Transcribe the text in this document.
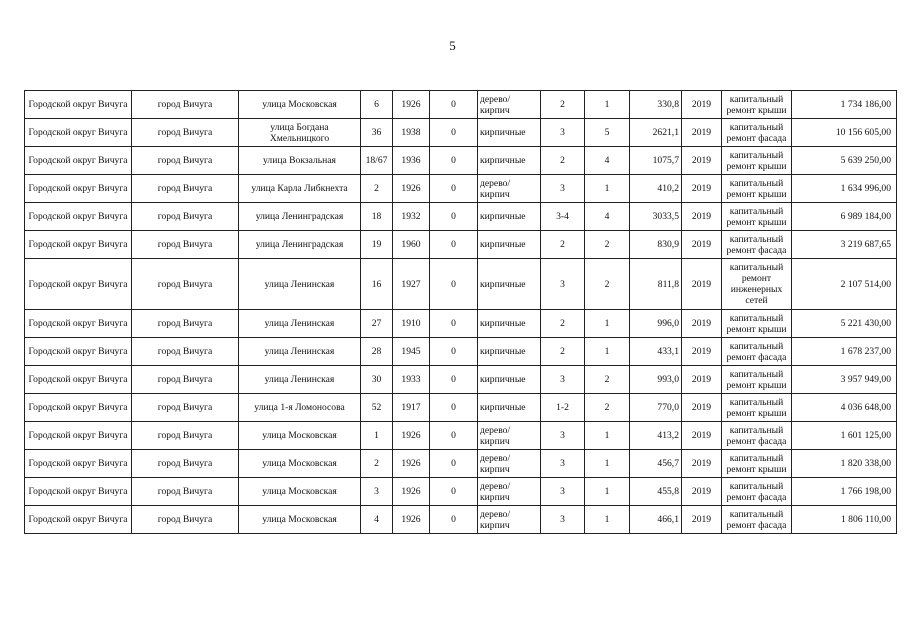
5
Городской округ Вичуга	город Вичуга	улица Московская	6	1926	0	дерево/кирпич	2	1	330,8	2019	капитальный ремонт крыши	1 734 186,00
Городской округ Вичуга	город Вичуга	улица Богдана Хмельницкого	36	1938	0	кирпичные	3	5	2621,1	2019	капитальный ремонт фасада	10 156 605,00
Городской округ Вичуга	город Вичуга	улица Вокзальная	18/67	1936	0	кирпичные	2	4	1075,7	2019	капитальный ремонт крыши	5 639 250,00
Городской округ Вичуга	город Вичуга	улица Карла Либкнехта	2	1926	0	дерево/кирпич	3	1	410,2	2019	капитальный ремонт крыши	1 634 996,00
Городской округ Вичуга	город Вичуга	улица Ленинградская	18	1932	0	кирпичные	3-4	4	3033,5	2019	капитальный ремонт крыши	6 989 184,00
Городской округ Вичуга	город Вичуга	улица Ленинградская	19	1960	0	кирпичные	2	2	830,9	2019	капитальный ремонт фасада	3 219 687,65
Городской округ Вичуга	город Вичуга	улица Ленинская	16	1927	0	кирпичные	3	2	811,8	2019	капитальный ремонт инженерных сетей	2 107 514,00
Городской округ Вичуга	город Вичуга	улица Ленинская	27	1910	0	кирпичные	2	1	996,0	2019	капитальный ремонт крыши	5 221 430,00
Городской округ Вичуга	город Вичуга	улица Ленинская	28	1945	0	кирпичные	2	1	433,1	2019	капитальный ремонт фасада	1 678 237,00
Городской округ Вичуга	город Вичуга	улица Ленинская	30	1933	0	кирпичные	3	2	993,0	2019	капитальный ремонт крыши	3 957 949,00
Городской округ Вичуга	город Вичуга	улица 1-я Ломоносова	52	1917	0	кирпичные	1-2	2	770,0	2019	капитальный ремонт крыши	4 036 648,00
Городской округ Вичуга	город Вичуга	улица Московская	1	1926	0	дерево/кирпич	3	1	413,2	2019	капитальный ремонт фасада	1 601 125,00
Городской округ Вичуга	город Вичуга	улица Московская	2	1926	0	дерево/кирпич	3	1	456,7	2019	капитальный ремонт крыши	1 820 338,00
Городской округ Вичуга	город Вичуга	улица Московская	3	1926	0	дерево/кирпич	3	1	455,8	2019	капитальный ремонт фасада	1 766 198,00
Городской округ Вичуга	город Вичуга	улица Московская	4	1926	0	дерево/кирпич	3	1	466,1	2019	капитальный ремонт фасада	1 806 110,00
